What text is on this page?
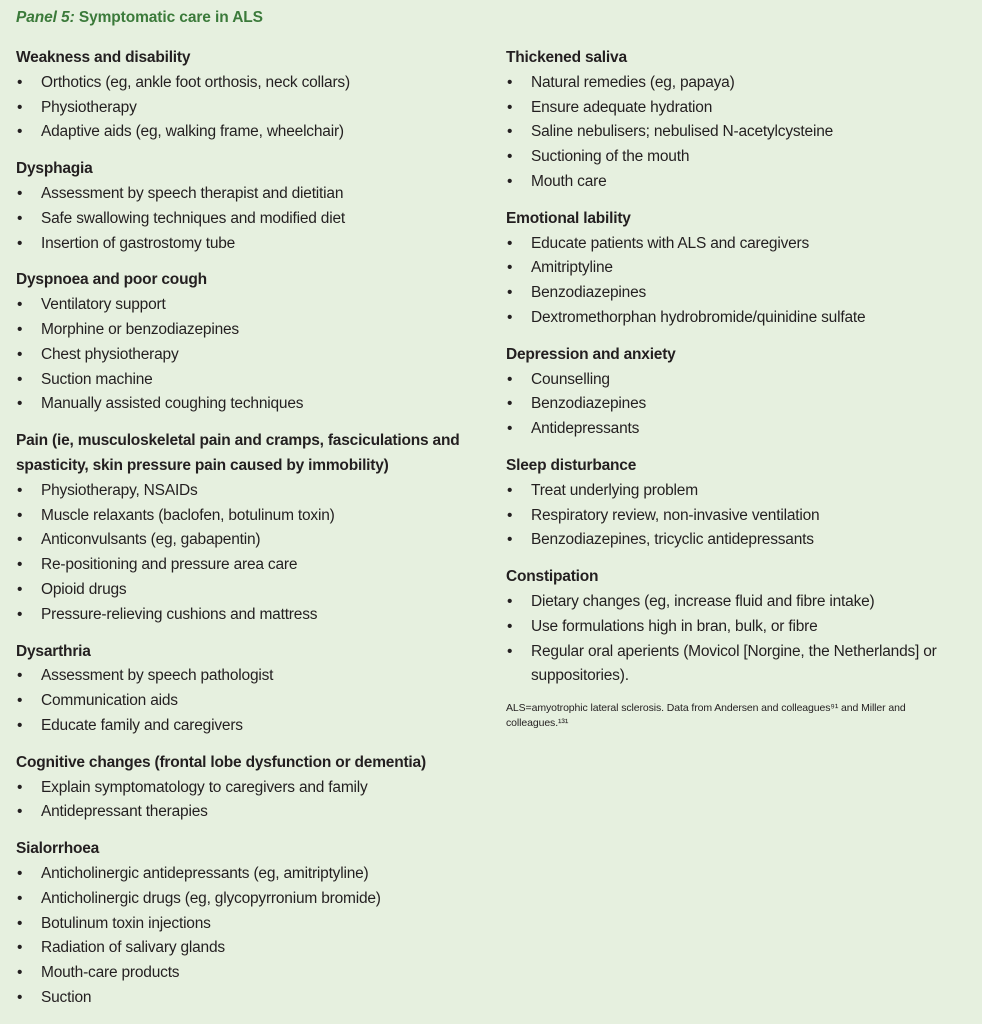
Panel 5: Symptomatic care in ALS
Weakness and disability
• Orthotics (eg, ankle foot orthosis, neck collars)
• Physiotherapy
• Adaptive aids (eg, walking frame, wheelchair)
Dysphagia
• Assessment by speech therapist and dietitian
• Safe swallowing techniques and modified diet
• Insertion of gastrostomy tube
Dyspnoea and poor cough
• Ventilatory support
• Morphine or benzodiazepines
• Chest physiotherapy
• Suction machine
• Manually assisted coughing techniques
Pain (ie, musculoskeletal pain and cramps, fasciculations and spasticity, skin pressure pain caused by immobility)
• Physiotherapy, NSAIDs
• Muscle relaxants (baclofen, botulinum toxin)
• Anticonvulsants (eg, gabapentin)
• Re-positioning and pressure area care
• Opioid drugs
• Pressure-relieving cushions and mattress
Dysarthria
• Assessment by speech pathologist
• Communication aids
• Educate family and caregivers
Cognitive changes (frontal lobe dysfunction or dementia)
• Explain symptomatology to caregivers and family
• Antidepressant therapies
Sialorrhoea
• Anticholinergic antidepressants (eg, amitriptyline)
• Anticholinergic drugs (eg, glycopyrronium bromide)
• Botulinum toxin injections
• Radiation of salivary glands
• Mouth-care products
• Suction
Thickened saliva
• Natural remedies (eg, papaya)
• Ensure adequate hydration
• Saline nebulisers; nebulised N-acetylcysteine
• Suctioning of the mouth
• Mouth care
Emotional lability
• Educate patients with ALS and caregivers
• Amitriptyline
• Benzodiazepines
• Dextromethorphan hydrobromide/quinidine sulfate
Depression and anxiety
• Counselling
• Benzodiazepines
• Antidepressants
Sleep disturbance
• Treat underlying problem
• Respiratory review, non-invasive ventilation
• Benzodiazepines, tricyclic antidepressants
Constipation
• Dietary changes (eg, increase fluid and fibre intake)
• Use formulations high in bran, bulk, or fibre
• Regular oral aperients (Movicol [Norgine, the Netherlands] or suppositories).
ALS=amyotrophic lateral sclerosis. Data from Andersen and colleagues⁹¹ and Miller and colleagues.¹³¹
